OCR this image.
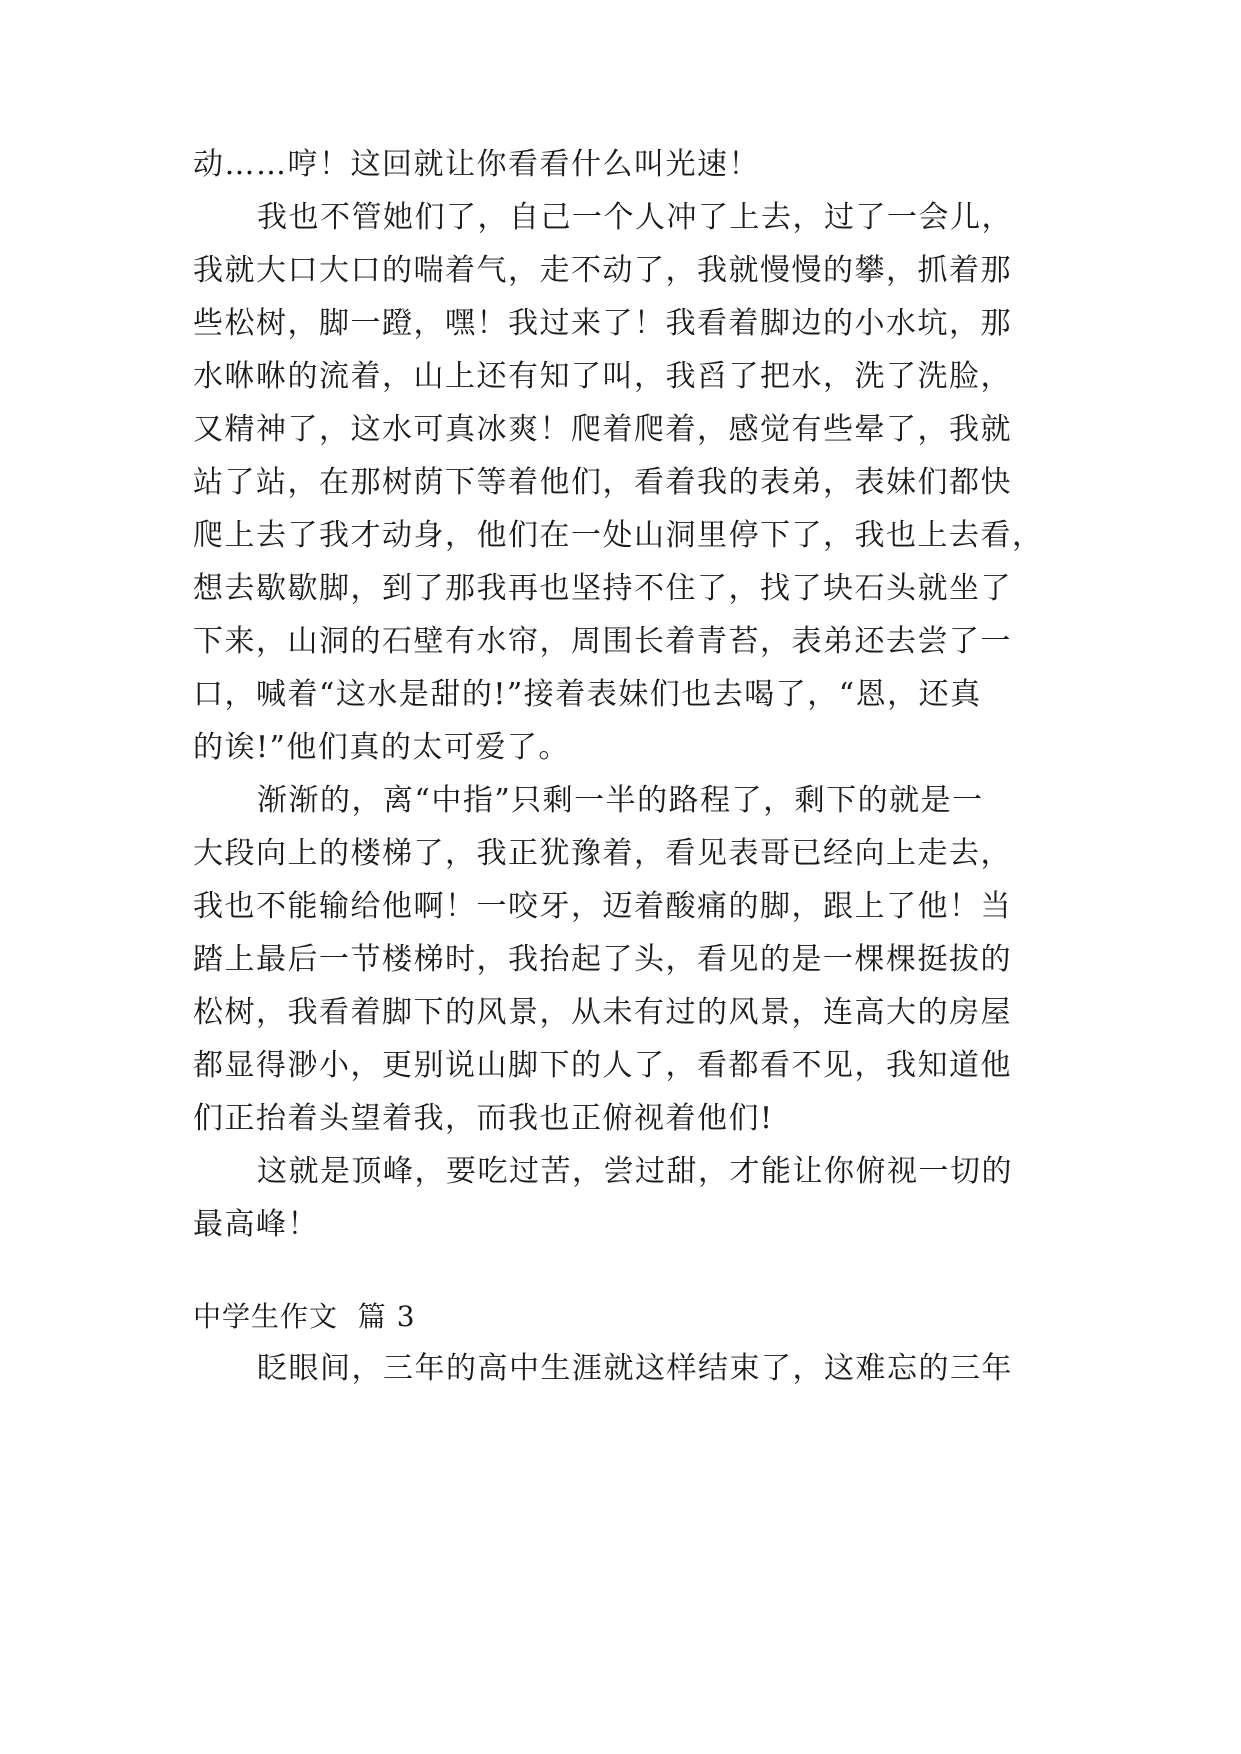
动……哼！这回就让你看看什么叫光速！
我也不管她们了，自己一个人冲了上去，过了一会儿，
我就大口大口的喘着气，走不动了，我就慢慢的攀，抓着那
些松树，脚一蹬，嘿！我过来了！我看着脚边的小水坑，那
水咻咻的流着，山上还有知了叫，我舀了把水，洗了洗脸，
又精神了，这水可真冰爽！爬着爬着，感觉有些晕了，我就
站了站，在那树荫下等着他们，看着我的表弟，表妹们都快
爬上去了我才动身，他们在一处山洞里停下了，我也上去看，
想去歇歇脚，到了那我再也坚持不住了，找了块石头就坐了
下来，山洞的石壁有水帘，周围长着青苔，表弟还去尝了一
口，喊着“这水是甜的!”接着表妹们也去喝了，“恩，还真
的诶!”他们真的太可爱了。
渐渐的，离“中指”只剩一半的路程了，剩下的就是一
大段向上的楼梯了，我正犹豫着，看见表哥已经向上走去，
我也不能输给他啊！一咬牙，迈着酸痛的脚，跟上了他！当
踏上最后一节楼梯时，我抬起了头，看见的是一棵棵挺拔的
松树，我看着脚下的风景，从未有过的风景，连高大的房屋
都显得渺小，更别说山脚下的人了，看都看不见，我知道他
们正抬着头望着我，而我也正俯视着他们!
这就是顶峰，要吃过苦，尝过甜，才能让你俯视一切的
最高峰！
中学生作文  篇 3
眨眼间，三年的高中生涯就这样结束了，这难忘的三年
